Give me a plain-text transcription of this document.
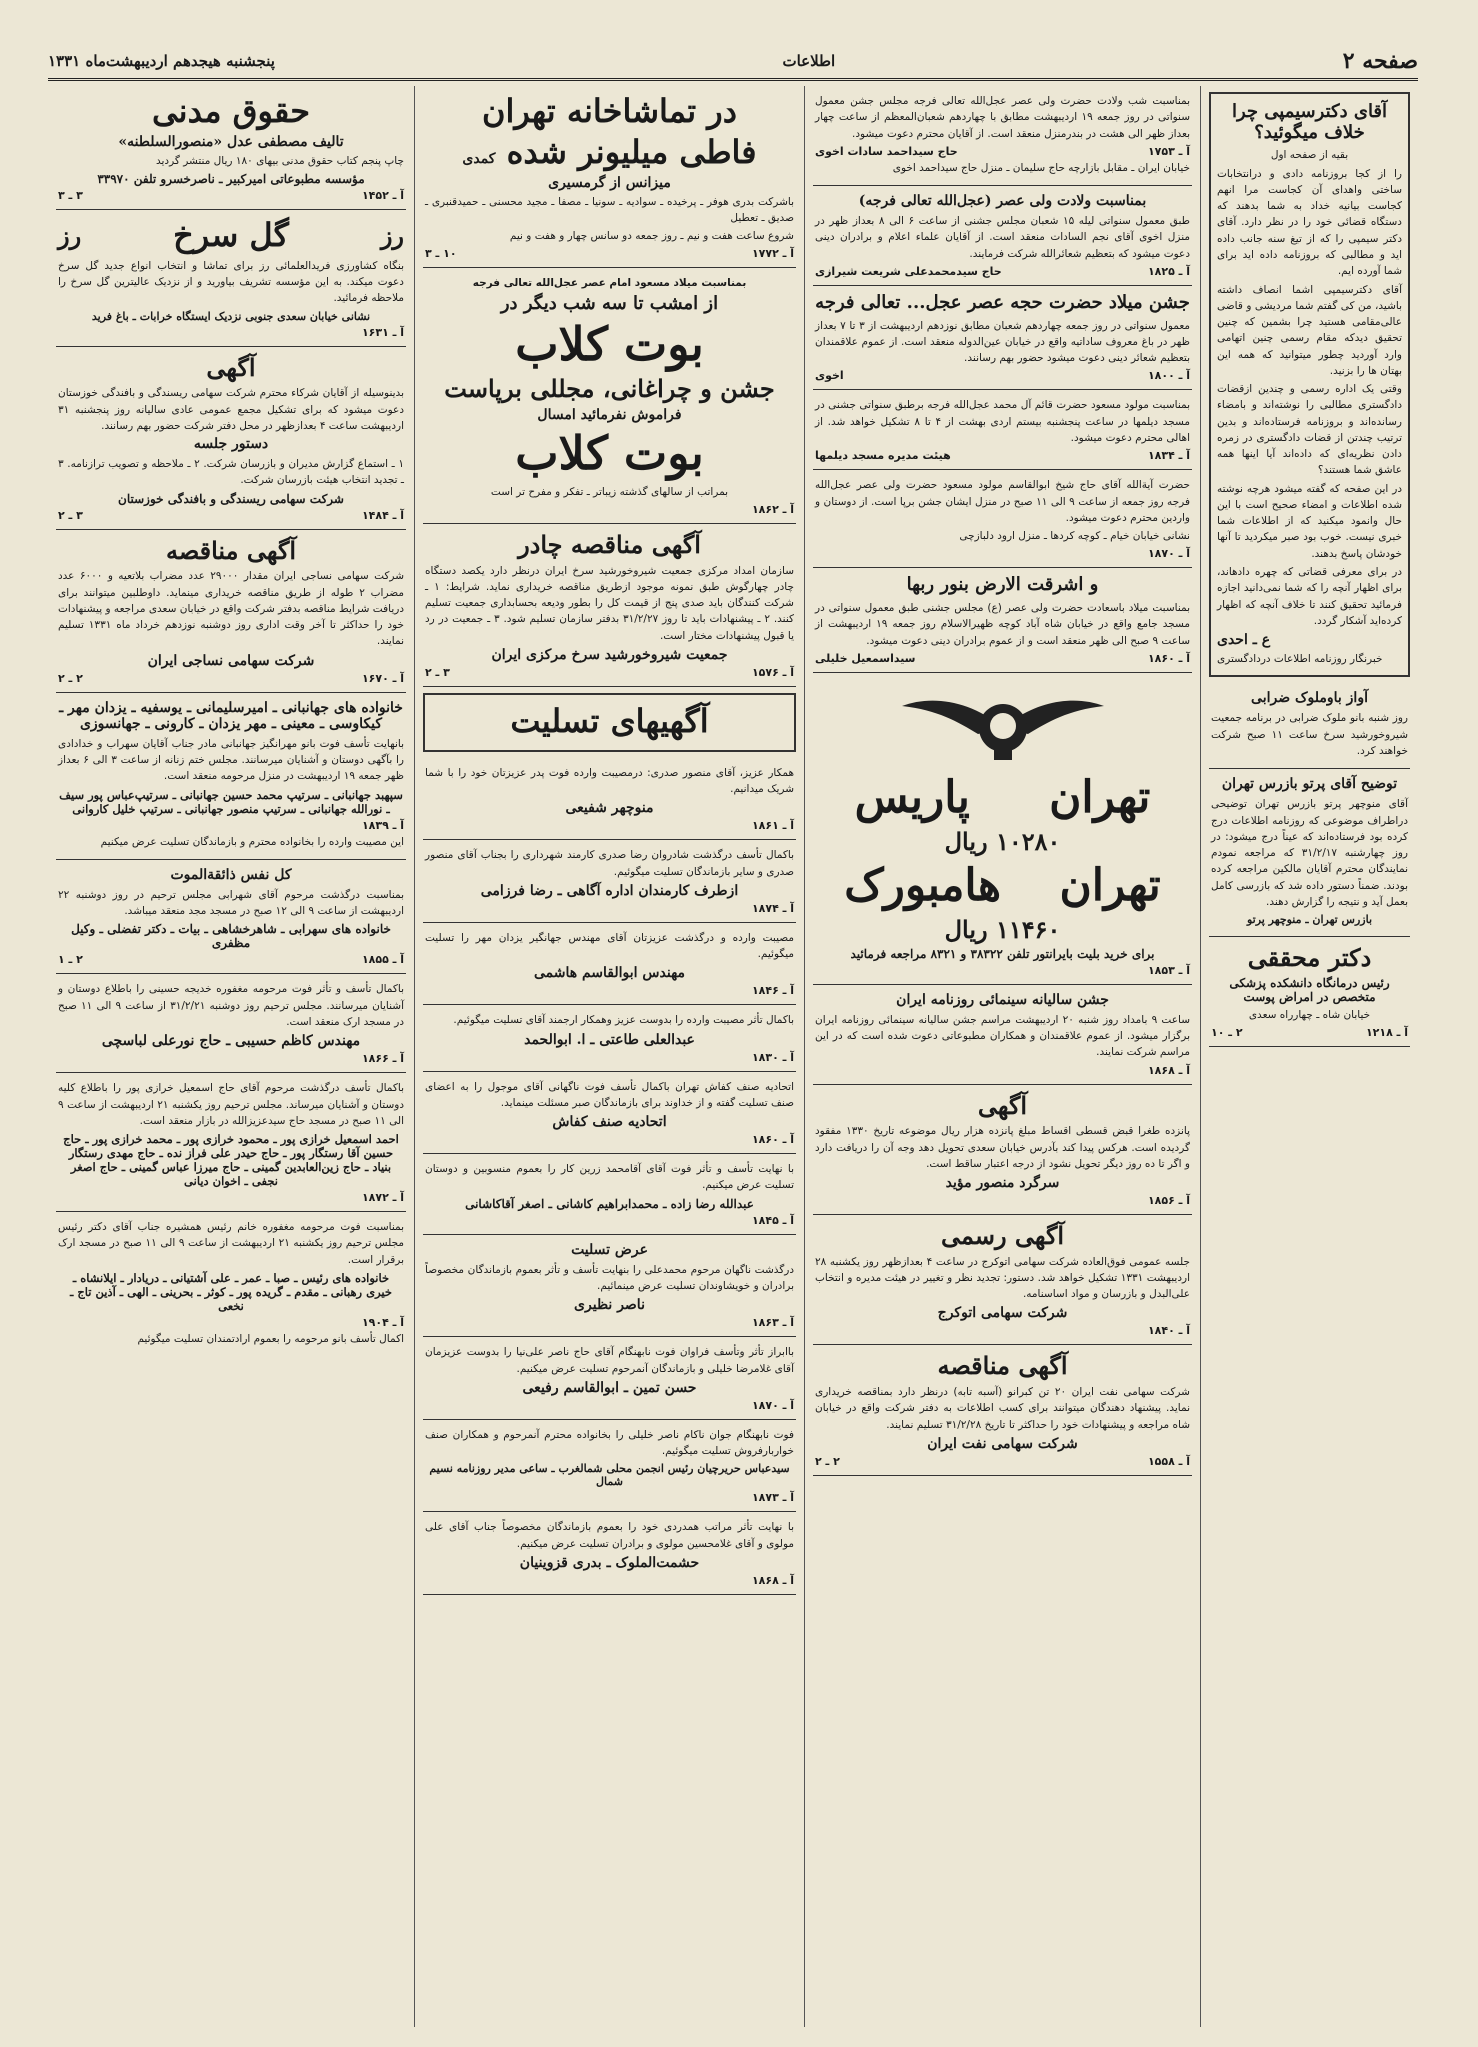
صفحه ۲
اطلاعات
پنجشنبه هیجدهم اردیبهشت‌ماه ۱۳۳۱
آقای دکترسیمپی چرا خلاف میگوئید؟
بقیه از صفحه اول
را از کجا بروزنامه دادی و درانتخابات ساختی واهدای آن کجاست مرا انهم کجاست بیانیه خداد به شما بدهند که دستگاه قضائی خود را در نظر دارد. آقای دکتر سیمپی را که از تیغ سنه جانب داده اید و مطالبی که بروزنامه داده اید برای شما آورده ایم.
آقای دکترسیمپی اشما انصاف داشته باشید، من کی گفتم شما مردیشی و قاضی عالی‌مقامی هستید چرا بشمین که چنین تحقیق دیدکه مقام رسمی چنین اتهامی وارد آوردید چطور میتوانید که همه این بهتان ها را بزنید.
وقتی یک اداره رسمی و چندین ازقضات دادگستری مطالبی را نوشته‌اند و بامضاء رسانده‌اند و بروزنامه فرستاده‌اند و بدین ترتیب چندتن از قضات دادگستری در زمره دادن نظریه‌ای که داده‌اند آیا اینها همه عاشق شما هستند؟
در این صفحه که گفته میشود هرچه نوشته شده اطلاعات و امضاء صحیح است با این حال وانمود میکنید که از اطلاعات شما خبری نیست. خوب بود صبر میکردید تا آنها خودشان پاسخ بدهند.
در برای معرفی قضاتی که چهره دادهاند، برای اظهار آنچه را که شما نمی‌دانید اجازه فرمائید تحقیق کنند تا خلاف آنچه که اظهار کرده‌اید آشکار گردد.
ع ـ احدی
خبرنگار روزنامه اطلاعات دردادگستری
آواز باوملوک ضرابی
روز شنبه بانو ملوک ضرابی در برنامه جمعیت شیروخورشید سرخ ساعت ۱۱ صبح شرکت خواهند کرد.
توضیح آقای پرتو بازرس تهران
آقای منوچهر پرتو بازرس تهران توضیحی دراطراف موضوعی که روزنامه اطلاعات درج کرده بود فرستاده‌اند که عیناً درج میشود: در روز چهارشنبه ۳۱/۲/۱۷ که مراجعه نمودم نمایندگان محترم آقایان مالکین مراجعه کرده بودند. ضمناً دستور داده شد که بازرسی کامل بعمل آید و نتیجه را گزارش دهند.
بازرس تهران ـ منوچهر پرتو
دکتر محققی
رئیس درمانگاه دانشکده پزشکی متخصص در امراض پوست
خیابان شاه ـ چهارراه سعدی
آ ـ ۱۲۱۸
۲ ـ ۱۰
بمناسبت شب ولادت حضرت ولی عصر عجل‌الله تعالی فرجه مجلس جشن معمول سنواتی در روز جمعه ۱۹ اردیبهشت مطابق با چهاردهم شعبان‌المعظم از ساعت چهار بعداز ظهر الی هشت در بندرمنزل منعقد است. از آقایان محترم دعوت میشود.
آ ـ ۱۷۵۳
حاج سیداحمد سادات اخوی
خیابان ایران ـ مقابل بازارچه حاج سلیمان ـ منزل حاج سیداحمد اخوی
بمناسبت ولادت ولی عصر (عجل‌الله تعالی فرجه)
طبق معمول سنواتی لیله ۱۵ شعبان مجلس جشنی از ساعت ۶ الی ۸ بعداز ظهر در منزل اخوی آقای نجم السادات منعقد است. از آقایان علماء اعلام و برادران دینی دعوت میشود که بتعظیم شعائرالله شرکت فرمایند.
آ ـ ۱۸۲۵
حاج سیدمحمدعلی شریعت شیرازی
جشن میلاد حضرت حجه عصر عجل... تعالی فرجه
معمول سنواتی در روز جمعه چهاردهم شعبان مطابق نوزدهم اردیبهشت از ۳ تا ۷ بعداز ظهر در باغ معروف ساداتیه واقع در خیابان عین‌الدوله منعقد است. از عموم علاقمندان بتعظیم شعائر دینی دعوت میشود حضور بهم رسانند.
آ ـ ۱۸۰۰
اخوی
بمناسبت مولود مسعود حضرت قائم آل محمد عجل‌الله فرجه برطبق سنواتی جشنی در مسجد دیلمها در ساعت پنجشنبه بیستم اردی بهشت از ۴ تا ۸ تشکیل خواهد شد. از اهالی محترم دعوت میشود.
آ ـ ۱۸۳۴
هیئت مدیره مسجد دیلمها
حضرت آیة‌الله آقای حاج شیخ ابوالقاسم مولود مسعود حضرت ولی عصر عجل‌الله فرجه روز جمعه از ساعت ۹ الی ۱۱ صبح در منزل ایشان جشن برپا است. از دوستان و واردین محترم دعوت میشود.
نشانی خیابان خیام ـ کوچه کردها ـ منزل ارود دلبازچی
آ ـ ۱۸۷۰
و اشرقت الارض بنور ربها
بمناسبت میلاد باسعادت حضرت ولی عصر (ع) مجلس جشنی طبق معمول سنواتی در مسجد جامع واقع در خیابان شاه آباد کوچه ظهیرالاسلام روز جمعه ۱۹ اردیبهشت از ساعت ۹ صبح الی ظهر منعقد است و از عموم برادران دینی دعوت میشود.
آ ـ ۱۸۶۰
سیداسمعیل خلیلی
تهران
پاریس
۱۰۲۸۰ ریال
تهران
هامبورک
۱۱۴۶۰ ریال
برای خرید بلیت بایرانتور تلفن ۳۸۳۲۲ و ۸۳۲۱ مراجعه فرمائید
آ ـ ۱۸۵۳
جشن سالیانه سینمائی روزنامه ایران
ساعت ۹ بامداد روز شنبه ۲۰ اردیبهشت مراسم جشن سالیانه سینمائی روزنامه ایران برگزار میشود. از عموم علاقمندان و همکاران مطبوعاتی دعوت شده است که در این مراسم شرکت نمایند.
آ ـ ۱۸۶۸
آگهی
پانزده طغرا قبض قسطی اقساط مبلغ پانزده هزار ریال موضوعه تاریخ ۱۳۳۰ مفقود گردیده است. هرکس پیدا کند بآدرس خیابان سعدی تحویل دهد وجه آن را دریافت دارد و اگر تا ده روز دیگر تحویل نشود از درجه اعتبار ساقط است.
سرگرد منصور مؤید
آ ـ ۱۸۵۶
آگهی رسمی
جلسه عمومی فوق‌العاده شرکت سهامی اتوکرج در ساعت ۴ بعدازظهر روز یکشنبه ۲۸ اردیبهشت ۱۳۳۱ تشکیل خواهد شد. دستور: تجدید نظر و تغییر در هیئت مدیره و انتخاب علی‌البدل و بازرسان و مواد اساسنامه.
شرکت سهامی اتوکرج
آ ـ ۱۸۴۰
آگهی مناقصه
شرکت سهامی نفت ایران ۲۰ تن کبرانو (آسبه تابه) درنظر دارد بمناقصه خریداری نماید. پیشنهاد دهندگان میتوانند برای کسب اطلاعات به دفتر شرکت واقع در خیابان شاه مراجعه و پیشنهادات خود را حداکثر تا تاریخ ۳۱/۲/۲۸ تسلیم نمایند.
شرکت سهامی نفت ایران
آ ـ ۱۵۵۸
۲ ـ ۲
در تماشاخانه تهران
فاطی میلیونر شده کمدی
میزانس از گرمسیری
باشرکت بدری هوفر ـ پرخیده ـ سوادیه ـ سونیا ـ مصفا ـ مجید محسنی ـ حمیدقنبری ـ صدیق ـ تعطیل
شروع ساعت هفت و نیم ـ روز جمعه دو سانس چهار و هفت و نیم
آ ـ ۱۷۷۲
۱۰ ـ ۳
بمناسبت میلاد مسعود امام عصر عجل‌الله تعالی فرجه
از امشب تا سه شب دیگر در
بوت کلاب
جشن و چراغانی، مجللی برپاست
فراموش نفرمائید امسال
بوت کلاب
بمراتب از سالهای گذشته زیباتر ـ تفکر و مفرح تر است
آ ـ ۱۸۶۲
آگهی مناقصه چادر
سازمان امداد مرکزی جمعیت شیروخورشید سرخ ایران درنظر دارد یکصد دستگاه چادر چهارگوش طبق نمونه موجود ازطریق مناقصه خریداری نماید. شرایط: ۱ ـ شرکت کنندگان باید صدی پنج از قیمت کل را بطور ودیعه بحسابداری جمعیت تسلیم کنند. ۲ ـ پیشنهادات باید تا روز ۳۱/۲/۲۷ بدفتر سازمان تسلیم شود. ۳ ـ جمعیت در رد یا قبول پیشنهادات مختار است.
جمعیت شیروخورشید سرخ مرکزی ایران
آ ـ ۱۵۷۶
۳ ـ ۲
آگهیهای تسلیت
همکار عزیز، آقای منصور صدری: درمصیبت وارده فوت پدر عزیزتان خود را با شما شریک میدانیم.
منوچهر شفیعی
آ ـ ۱۸۶۱
باکمال تأسف درگذشت شادروان رضا صدری کارمند شهرداری را بجناب آقای منصور صدری و سایر بازماندگان تسلیت میگوئیم.
ازطرف کارمندان اداره آگاهی ـ رضا فرزامی
آ ـ ۱۸۷۴
مصیبت وارده و درگذشت عزیزتان آقای مهندس جهانگیر یزدان مهر را تسلیت میگوئیم.
مهندس ابوالقاسم هاشمی
آ ـ ۱۸۴۶
باکمال تأثر مصیبت وارده را بدوست عزیز وهمکار ارجمند آقای تسلیت میگوئیم.
عبدالعلی طاعتی ـ ا. ابوالحمد
آ ـ ۱۸۳۰
اتحادیه صنف کفاش تهران باکمال تأسف فوت ناگهانی آقای موجول را به اعضای صنف تسلیت گفته و از خداوند برای بازماندگان صبر مسئلت مینماید.
اتحادیه صنف کفاش
آ ـ ۱۸۶۰
با نهایت تأسف و تأثر فوت آقای آقامحمد زرین کار را بعموم منسوبین و دوستان تسلیت عرض میکنیم.
عبدالله رضا زاده ـ محمدابراهیم کاشانی ـ اصغر آقاکاشانی
آ ـ ۱۸۴۵
عرض تسلیت
درگذشت ناگهان مرحوم محمدعلی را بنهایت تأسف و تأثر بعموم بازماندگان مخصوصاً برادران و خویشاوندان تسلیت عرض مینمائیم.
ناصر نظیری
آ ـ ۱۸۶۳
باابراز تأثر وتأسف فراوان فوت نابهنگام آقای حاج ناصر علی‌نیا را بدوست عزیزمان آقای غلامرضا خلیلی و بازماندگان آنمرحوم تسلیت عرض میکنیم.
حسن تمین ـ ابوالقاسم رفیعی
آ ـ ۱۸۷۰
فوت نابهنگام جوان ناکام ناصر خلیلی را بخانواده محترم آنمرحوم و همکاران صنف خواربارفروش تسلیت میگوئیم.
سیدعباس حریرچیان رئیس انجمن محلی شمالغرب ـ ساعی مدیر روزنامه نسیم شمال
آ ـ ۱۸۷۳
با نهایت تأثر مراتب همدردی خود را بعموم بازماندگان مخصوصاً جناب آقای علی مولوی و آقای غلامحسین مولوی و برادران تسلیت عرض میکنیم.
حشمت‌الملوک ـ بدری قزوینیان
آ ـ ۱۸۶۸
حقوق مدنی
تالیف مصطفی عدل «منصورالسلطنه»
چاپ پنجم کتاب حقوق مدنی بیهای ۱۸۰ ریال منتشر گردید
مؤسسه مطبوعاتی امیرکبیر ـ ناصرخسرو تلفن ۳۳۹۷۰
آ ـ ۱۴۵۲
۳ ـ ۳
رز
گل سرخ
رز
بنگاه کشاورزی فریدالعلمائی رز برای تماشا و انتخاب انواع جدید گل سرخ دعوت میکند. به این مؤسسه تشریف بیاورید و از نزدیک عالیترین گل سرخ را ملاحظه فرمائید.
نشانی خیابان سعدی جنوبی نزدیک ایستگاه خرابات ـ باغ فرید
آ ـ ۱۶۳۱
آگهی
بدینوسیله از آقایان شرکاء محترم شرکت سهامی ریسندگی و بافندگی خوزستان دعوت میشود که برای تشکیل مجمع عمومی عادی سالیانه روز پنجشنبه ۳۱ اردیبهشت ساعت ۴ بعدازظهر در محل دفتر شرکت حضور بهم رسانند.
دستور جلسه
۱ ـ استماع گزارش مدیران و بازرسان شرکت. ۲ ـ ملاحظه و تصویب ترازنامه. ۳ ـ تجدید انتخاب هیئت بازرسان شرکت.
شرکت سهامی ریسندگی و بافندگی خوزستان
آ ـ ۱۴۸۴
۳ ـ ۲
آگهی مناقصه
شرکت سهامی نساجی ایران مقدار ۲۹۰۰۰ عدد مضراب بلاتعیه و ۶۰۰۰ عدد مضراب ۲ طوله از طریق مناقصه خریداری مینماید. داوطلبین میتوانند برای دریافت شرایط مناقصه بدفتر شرکت واقع در خیابان سعدی مراجعه و پیشنهادات خود را حداکثر تا آخر وقت اداری روز دوشنبه نوزدهم خرداد ماه ۱۳۳۱ تسلیم نمایند.
شرکت سهامی نساجی ایران
آ ـ ۱۶۷۰
۲ ـ ۲
خانواده های جهانبانی ـ امیرسلیمانی ـ یوسفیه ـ یزدان مهر ـ کیکاوسی ـ معینی ـ مهر یزدان ـ کارونی ـ جهانسوزی
بانهایت تأسف فوت بانو مهرانگیز جهانبانی مادر جناب آقایان سهراب و خدادادی را بآگهی دوستان و آشنایان میرسانند. مجلس ختم زنانه از ساعت ۳ الی ۶ بعداز ظهر جمعه ۱۹ اردیبهشت در منزل مرحومه منعقد است.
سپهبد جهانبانی ـ سرتیپ محمد حسین جهانبانی ـ سرتیپ‌عباس پور سیف ـ نورالله جهانبانی ـ سرتیپ منصور جهانبانی ـ سرتیپ خلیل کاروانی
آ ـ ۱۸۳۹
این مصیبت وارده را بخانواده محترم و بازماندگان تسلیت عرض میکنیم
کل نفس ذائقة‌الموت
بمناسبت درگذشت مرحوم آقای شهرابی مجلس ترحیم در روز دوشنبه ۲۲ اردیبهشت از ساعت ۹ الی ۱۲ صبح در مسجد مجد منعقد میباشد.
خانواده های سهرابی ـ شاهرخشاهی ـ بیات ـ دکتر تفضلی ـ وکیل مظفری
آ ـ ۱۸۵۵
۲ ـ ۱
باکمال تأسف و تأثر فوت مرحومه مغفوره خدیجه حسینی را باطلاع دوستان و آشنایان میرسانند. مجلس ترحیم روز دوشنبه ۳۱/۲/۲۱ از ساعت ۹ الی ۱۱ صبح در مسجد ارک منعقد است.
مهندس کاظم حسیبی ـ حاج نورعلی لباسچی
آ ـ ۱۸۶۶
باکمال تأسف درگذشت مرحوم آقای حاج اسمعیل خرازی پور را باطلاع کلیه دوستان و آشنایان میرساند. مجلس ترحیم روز یکشنبه ۲۱ اردیبهشت از ساعت ۹ الی ۱۱ صبح در مسجد حاج سیدعزیزالله در بازار منعقد است.
احمد اسمعیل خرازی پور ـ محمود خرازی پور ـ محمد خرازی پور ـ حاج حسین آقا رستگار پور ـ حاج حیدر علی فراز نده ـ حاج مهدی رستگار بنیاد ـ حاج زین‌العابدین گمینی ـ حاج میرزا عباس گمینی ـ حاج اصغر نجفی ـ اخوان دیانی
آ ـ ۱۸۷۲
بمناسبت فوت مرحومه مغفوره خانم رئیس همشیره جناب آقای دکتر رئیس مجلس ترحیم روز یکشنبه ۲۱ اردیبهشت از ساعت ۹ الی ۱۱ صبح در مسجد ارک برقرار است.
خانواده های رئیس ـ صبا ـ عمر ـ علی آشتیانی ـ دریادار ـ ایلانشاه ـ خیری رهبانی ـ مقدم ـ گریده پور ـ کوثر ـ بحرینی ـ الهی ـ آذین تاج ـ نخعی
آ ـ ۱۹۰۴
اکمال تأسف بانو مرحومه را بعموم ارادتمندان تسلیت میگوئیم
